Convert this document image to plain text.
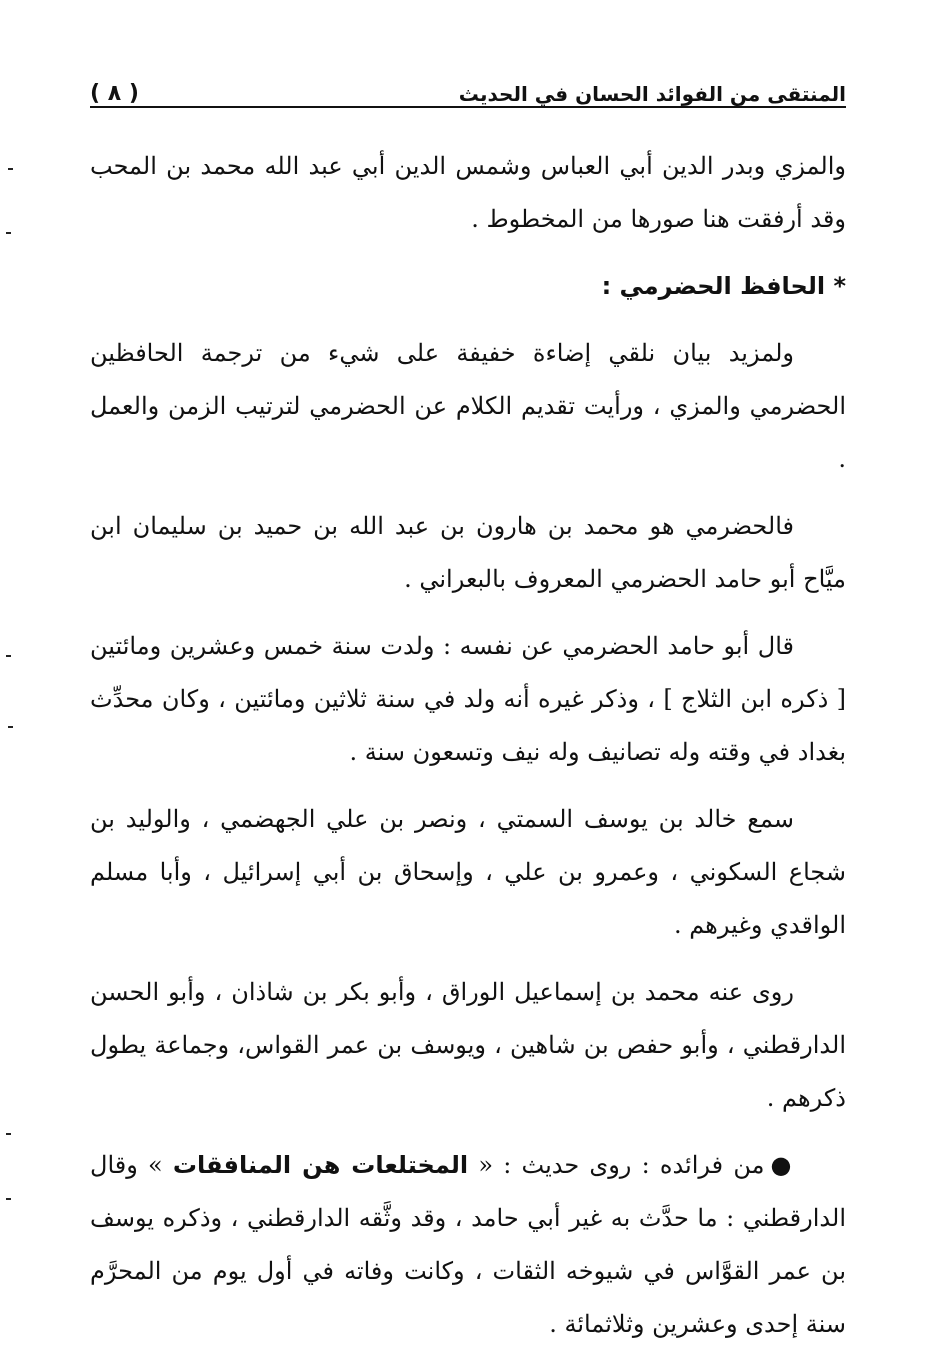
المنتقى من الفوائد الحسان في الحديث
( ٨ )

والمزي وبدر الدين أبي العباس وشمس الدين أبي عبد الله محمد بن المحب وقد أرفقت هنا صورها من المخطوط .

* الحافظ الحضرمي :

ولمزيد بيان نلقي إضاءة خفيفة على شيء من ترجمة الحافظين الحضرمي والمزي ، ورأيت تقديم الكلام عن الحضرمي لترتيب الزمن والعمل .

فالحضرمي هو محمد بن هارون بن عبد الله بن حميد بن سليمان ابن ميَّاح أبو حامد الحضرمي المعروف بالبعراني .

قال أبو حامد الحضرمي عن نفسه : ولدت سنة خمس وعشرين ومائتين [ ذكره ابن الثلاج ] ، وذكر غيره أنه ولد في سنة ثلاثين ومائتين ، وكان محدِّث بغداد في وقته وله تصانيف وله نيف وتسعون سنة .

سمع خالد بن يوسف السمتي ، ونصر بن علي الجهضمي ، والوليد بن شجاع السكوني ، وعمرو بن علي ، وإسحاق بن أبي إسرائيل ، وأبا مسلم الواقدي وغيرهم .

روى عنه محمد بن إسماعيل الوراق ، وأبو بكر بن شاذان ، وأبو الحسن الدارقطني ، وأبو حفص بن شاهين ، ويوسف بن عمر القواس، وجماعة يطول ذكرهم .

●من فرائده : روى حديث : « المختلعات هن المنافقات » وقال الدارقطني : ما حدَّث به غير أبي حامد ، وقد وثَّقه الدارقطني ، وذكره يوسف بن عمر القوَّاس في شيوخه الثقات ، وكانت وفاته في أول يوم من المحرَّم سنة إحدى وعشرين وثلاثمائة .
